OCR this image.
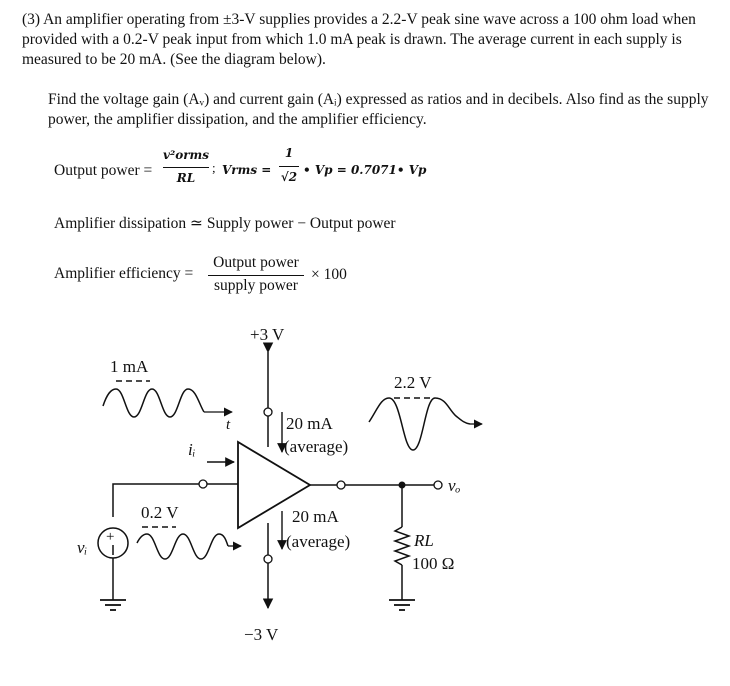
(3) An amplifier operating from ±3-V supplies provides a 2.2-V peak sine wave across a 100 ohm load when provided with a 0.2-V peak input from which 1.0 mA peak is drawn. The average current in each supply is measured to be 20 mA. (See the diagram below).
Find the voltage gain (Aᵥ) and current gain (Aᵢ) expressed as ratios and in decibels. Also find as the supply power, the amplifier dissipation, and the amplifier efficiency.
Output power =
v²orms
RL
; Vrms =
1
√2 • Vp = 0.7071• Vp
Amplifier dissipation ≃ Supply power − Output power
Amplifier efficiency =
Output power
supply power
× 100
+3 V
−3 V
+
vᵢ
1 mA
t
iᵢ
0.2 V
20 mA
(average)
20 mA
(average)
vₒ
RL
100 Ω
2.2 V
